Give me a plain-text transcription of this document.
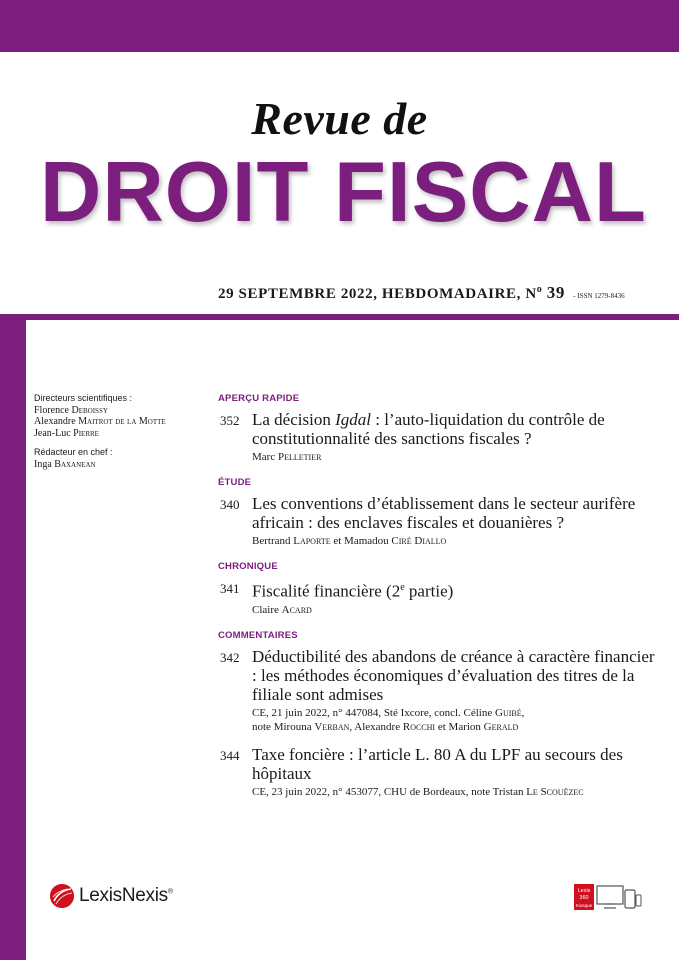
Revue de
DROIT FISCAL
29 SEPTEMBRE 2022, HEBDOMADAIRE, $N^o$ 39 - ISSN 1279-8436
Directeurs scientifiques :
Florence Deboissy
Alexandre Maitrot de la Motte
Jean-Luc Pierre
Rédacteur en chef :
Inga Baxanean
APERÇU RAPIDE
352 La décision Igdal : l’auto-liquidation du contrôle de constitutionnalité des sanctions fiscales ?
Marc Pelletier
ÉTUDE
340 Les conventions d’établissement dans le secteur aurifère africain : des enclaves fiscales et douanières ?
Bertrand Laporte et Mamadou Ciré Diallo
CHRONIQUE
341 Fiscalité financière (2e partie)
Claire Acard
COMMENTAIRES
342 Déductibilité des abandons de créance à caractère financier : les méthodes économiques d’évaluation des titres de la filiale sont admises
CE, 21 juin 2022, n° 447084, Sté Ixcore, concl. Céline Guibé,
note Mirouna Verban, Alexandre Rocchi et Marion Gerald
344 Taxe foncière : l’article L. 80 A du LPF au secours des hôpitaux
CE, 23 juin 2022, n° 453077, CHU de Bordeaux, note Tristan Le Scouëzec
LexisNexis®	Lexis
360
Kiosque
